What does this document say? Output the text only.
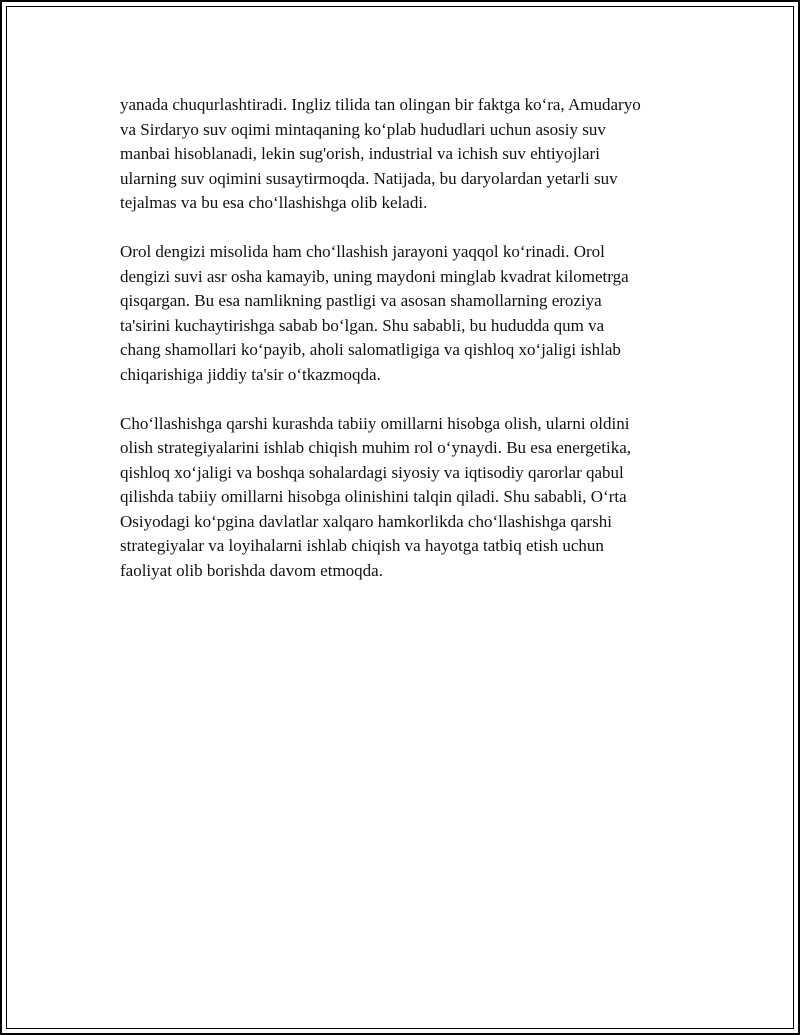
yanada chuqurlashtiradi. Ingliz tilida tan olingan bir faktga ko‘ra, Amudaryo
va Sirdaryo suv oqimi mintaqaning ko‘plab hududlari uchun asosiy suv
manbai hisoblanadi, lekin sug'orish, industrial va ichish suv ehtiyojlari
ularning suv oqimini susaytirmoqda. Natijada, bu daryolardan yetarli suv
tejalmas va bu esa cho‘llashishga olib keladi.

Orol dengizi misolida ham cho‘llashish jarayoni yaqqol ko‘rinadi. Orol
dengizi suvi asr osha kamayib, uning maydoni minglab kvadrat kilometrga
qisqargan. Bu esa namlikning pastligi va asosan shamollarning eroziya
ta'sirini kuchaytirishga sabab bo‘lgan. Shu sababli, bu hududda qum va
chang shamollari ko‘payib, aholi salomatligiga va qishloq xo‘jaligi ishlab
chiqarishiga jiddiy ta'sir o‘tkazmoqda.

Cho‘llashishga qarshi kurashda tabiiy omillarni hisobga olish, ularni oldini
olish strategiyalarini ishlab chiqish muhim rol o‘ynaydi. Bu esa energetika,
qishloq xo‘jaligi va boshqa sohalardagi siyosiy va iqtisodiy qarorlar qabul
qilishda tabiiy omillarni hisobga olinishini talqin qiladi. Shu sababli, O‘rta
Osiyodagi ko‘pgina davlatlar xalqaro hamkorlikda cho‘llashishga qarshi
strategiyalar va loyihalarni ishlab chiqish va hayotga tatbiq etish uchun
faoliyat olib borishda davom etmoqda.
